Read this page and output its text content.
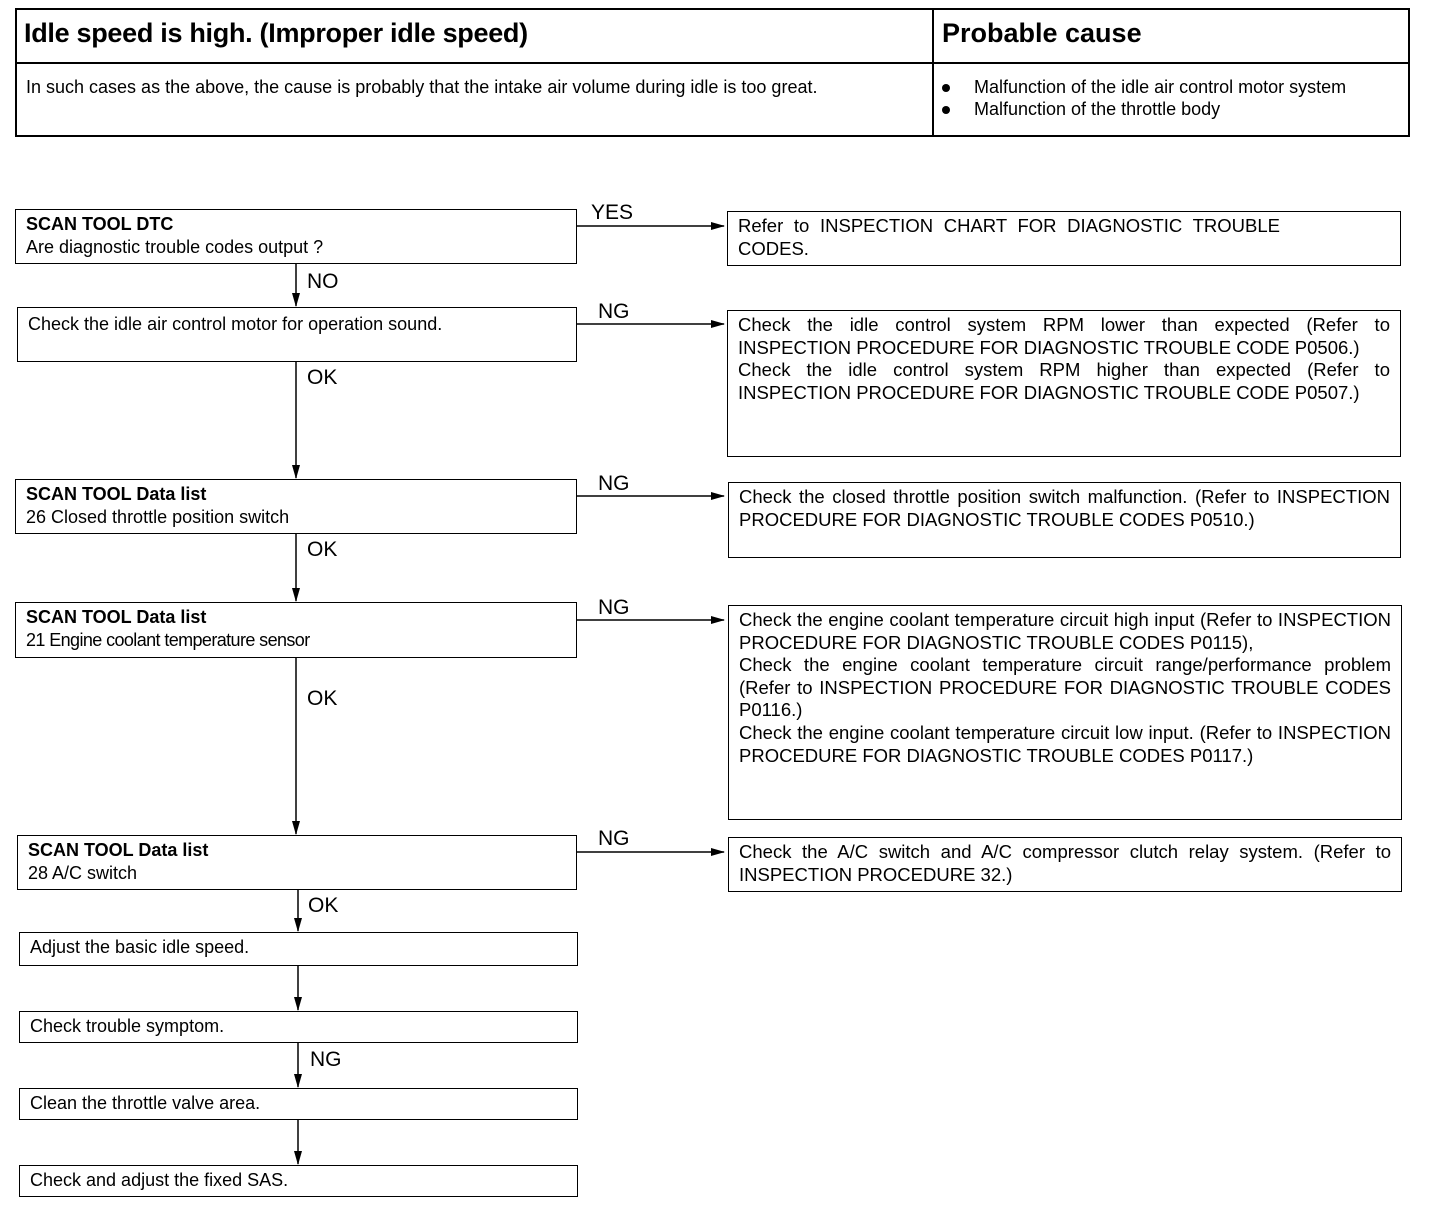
Idle speed is high. (Improper idle speed)	Probable cause
In such cases as the above, the cause is probably that the intake air volume during idle is too great.	Malfunction of the idle air control motor system
Malfunction of the throttle body
YES
NO
NG
OK
NG
OK
NG
OK
NG
OK
NG
SCAN TOOL DTC
Are diagnostic trouble codes output ?
Check the idle air control motor for operation sound.
SCAN TOOL Data list
26 Closed throttle position switch
SCAN TOOL Data list
21 Engine coolant temperature sensor
SCAN TOOL Data list
28 A/C switch
Adjust the basic idle speed.
Check trouble symptom.
Clean the throttle valve area.
Check and adjust the fixed SAS.
Refer to INSPECTION CHART FOR DIAGNOSTIC TROUBLE CODES.
Check the idle control system RPM lower than expected (Refer to INSPECTION PROCEDURE FOR DIAGNOSTIC TROUBLE CODE P0506.)
Check the idle control system RPM higher than expected (Refer to INSPECTION PROCEDURE FOR DIAGNOSTIC TROUBLE CODE P0507.)
Check the closed throttle position switch malfunction. (Refer to INSPECTION PROCEDURE FOR DIAGNOSTIC TROUBLE CODES P0510.)
Check the engine coolant temperature circuit high input (Refer to INSPECTION PROCEDURE FOR DIAGNOSTIC TROUBLE CODES P0115),
Check the engine coolant temperature circuit range/performance problem (Refer to INSPECTION PROCEDURE FOR DIAGNOSTIC TROUBLE CODES P0116.)
Check the engine coolant temperature circuit low input. (Refer to INSPECTION PROCEDURE FOR DIAGNOSTIC TROUBLE CODES P0117.)
Check the A/C switch and A/C compressor clutch relay system. (Refer to INSPECTION PROCEDURE 32.)
